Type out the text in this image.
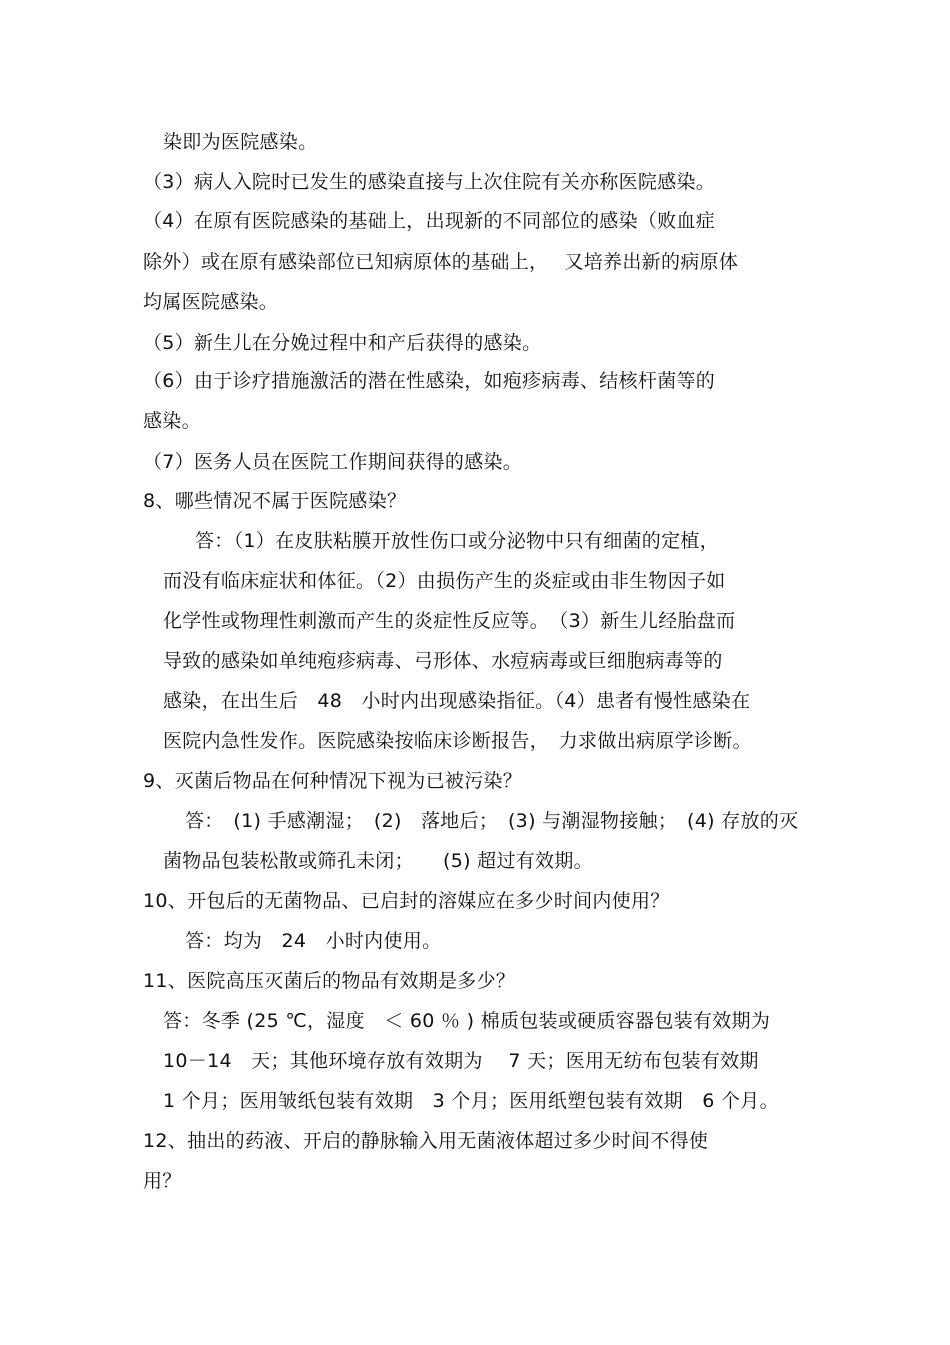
染即为医院感染。
（3）病人入院时已发生的感染直接与上次住院有关亦称医院感染。
（4）在原有医院感染的基础上，出现新的不同部位的感染（败血症
除外）或在原有感染部位已知病原体的基础上，　 又培养出新的病原体
均属医院感染。
（5）新生儿在分娩过程中和产后获得的感染。
（6）由于诊疗措施激活的潜在性感染，如疱疹病毒、结核杆菌等的
感染。
（7）医务人员在医院工作期间获得的感染。
8、哪些情况不属于医院感染？
答：（1）在皮肤粘膜开放性伤口或分泌物中只有细菌的定植，
而没有临床症状和体征。（2）由损伤产生的炎症或由非生物因子如
化学性或物理性刺激而产生的炎症性反应等。　（3）新生儿经胎盘而
导致的感染如单纯疱疹病毒、弓形体、水痘病毒或巨细胞病毒等的
感染，在出生后　48　小时内出现感染指征。（4）患者有慢性感染在
医院内急性发作。医院感染按临床诊断报告，　力求做出病原学诊断。
9、灭菌后物品在何种情况下视为已被污染？
答：　(1) 手感潮湿；　(2)　落地后；　(3) 与潮湿物接触；　(4) 存放的灭
菌物品包装松散或筛孔未闭；　　(5) 超过有效期。
10、开包后的无菌物品、已启封的溶媒应在多少时间内使用？
答：均为　24　小时内使用。
11、医院高压灭菌后的物品有效期是多少？
答：冬季 (25 ℃，湿度　＜ 60 ％ ) 棉质包装或硬质容器包装有效期为
10－14　天；其他环境存放有效期为　 7 天；医用无纺布包装有效期
1 个月；医用皱纸包装有效期　3 个月；医用纸塑包装有效期　6 个月。
12、抽出的药液、开启的静脉输入用无菌液体超过多少时间不得使
用？
